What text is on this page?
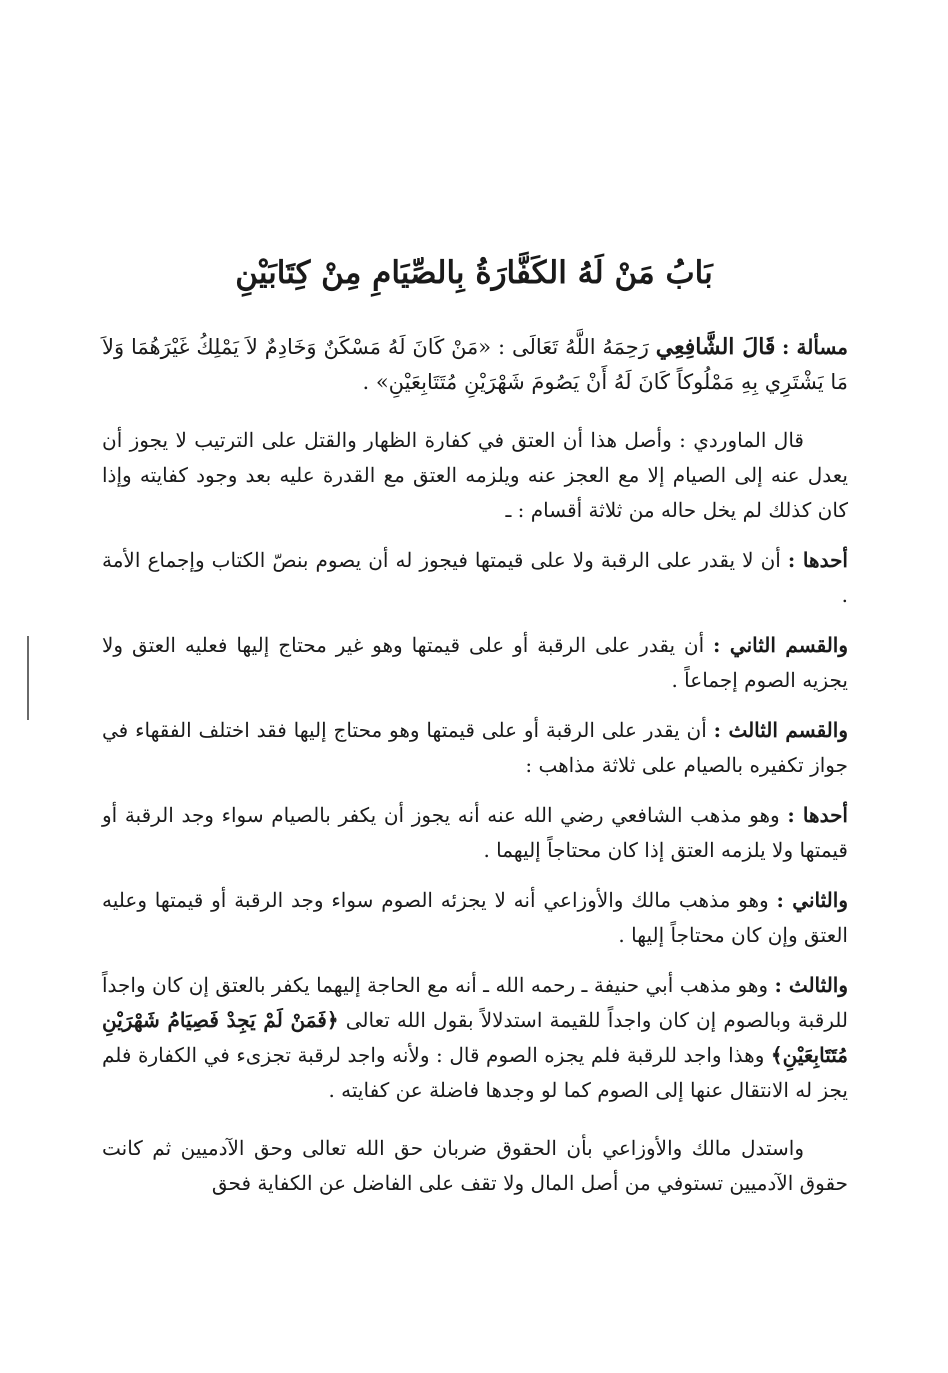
بَابُ مَنْ لَهُ الكَفَّارَةُ بِالصِّيَامِ مِنْ كِتَابَيْنِ

مسألة : قَالَ الشَّافِعِي رَحِمَهُ اللَّهُ تَعَالَى : «مَنْ كَانَ لَهُ مَسْكَنٌ وَخَادِمٌ لاَ يَمْلِكُ غَيْرَهُمَا وَلاَ مَا يَشْتَرِي بِهِ مَمْلُوكاً كَانَ لَهُ أَنْ يَصُومَ شَهْرَيْنِ مُتَتَابِعَيْنِ» .

قال الماوردي : وأصل هذا أن العتق في كفارة الظهار والقتل على الترتيب لا يجوز أن يعدل عنه إلى الصيام إلا مع العجز عنه ويلزمه العتق مع القدرة عليه بعد وجود كفايته وإذا كان كذلك لم يخل حاله من ثلاثة أقسام : ـ

أحدها : أن لا يقدر على الرقبة ولا على قيمتها فيجوز له أن يصوم بنصّ الكتاب وإجماع الأمة .

والقسم الثاني : أن يقدر على الرقبة أو على قيمتها وهو غير محتاج إليها فعليه العتق ولا يجزيه الصوم إجماعاً .

والقسم الثالث : أن يقدر على الرقبة أو على قيمتها وهو محتاج إليها فقد اختلف الفقهاء في جواز تكفيره بالصيام على ثلاثة مذاهب :

أحدها : وهو مذهب الشافعي رضي الله عنه أنه يجوز أن يكفر بالصيام سواء وجد الرقبة أو قيمتها ولا يلزمه العتق إذا كان محتاجاً إليهما .

والثاني : وهو مذهب مالك والأوزاعي أنه لا يجزئه الصوم سواء وجد الرقبة أو قيمتها وعليه العتق وإن كان محتاجاً إليها .

والثالث : وهو مذهب أبي حنيفة ـ رحمه الله ـ أنه مع الحاجة إليهما يكفر بالعتق إن كان واجداً للرقبة وبالصوم إن كان واجداً للقيمة استدلالاً بقول الله تعالى ﴿فَمَنْ لَمْ يَجِدْ فَصِيَامُ شَهْرَيْنِ مُتَتَابِعَيْنِ﴾ وهذا واجد للرقبة فلم يجزه الصوم قال : ولأنه واجد لرقبة تجزىء في الكفارة فلم يجز له الانتقال عنها إلى الصوم كما لو وجدها فاضلة عن كفايته .

واستدل مالك والأوزاعي بأن الحقوق ضربان حق الله تعالى وحق الآدميين ثم كانت حقوق الآدميين تستوفي من أصل المال ولا تقف على الفاضل عن الكفاية فحق
